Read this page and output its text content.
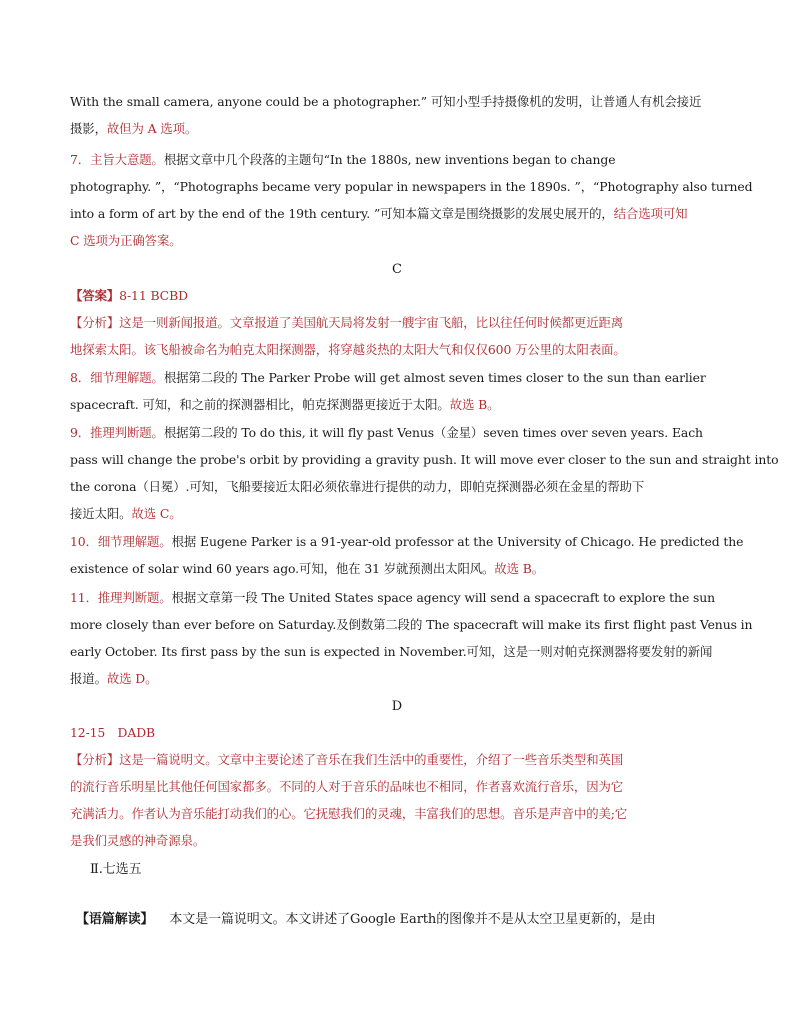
With the small camera, anyone could be a photographer.” 可知小型手持摄像机的发明，让普通人有机会接近
摄影，故但为 A 选项。
7．主旨大意题。根据文章中几个段落的主题句“In the 1880s, new inventions began to change
photography. ”，“Photographs became very popular in newspapers in the 1890s. ”，“Photography also turned
into a form of art by the end of the 19th century. ”可知本篇文章是围绕摄影的发展史展开的，结合选项可知
C 选项为正确答案。
C
【答案】8-11 BCBD
【分析】这是一则新闻报道。文章报道了美国航天局将发射一艘宇宙飞船，比以往任何时候都更近距离
地探索太阳。该飞船被命名为帕克太阳探测器，将穿越炎热的太阳大气和仅仅600 万公里的太阳表面。
8．细节理解题。根据第二段的 The Parker Probe will get almost seven times closer to the sun than earlier
spacecraft. 可知，和之前的探测器相比，帕克探测器更接近于太阳。故选 B。
9．推理判断题。根据第二段的 To do this, it will fly past Venus（金星）seven times over seven years. Each
pass will change the probe's orbit by providing a gravity push. It will move ever closer to the sun and straight into
the corona（日冕）.可知，飞船要接近太阳必须依靠进行提供的动力，即帕克探测器必须在金星的帮助下
接近太阳。故选 C。
10．细节理解题。根据 Eugene Parker is a 91-year-old professor at the University of Chicago. He predicted the
existence of solar wind 60 years ago.可知，他在 31 岁就预测出太阳风。故选 B。
11．推理判断题。根据文章第一段 The United States space agency will send a spacecraft to explore the sun
more closely than ever before on Saturday.及倒数第二段的 The spacecraft will make its first flight past Venus in
early October. Its first pass by the sun is expected in November.可知，这是一则对帕克探测器将要发射的新闻
报道。故选 D。
D
12-15　DADB
【分析】这是一篇说明文。文章中主要论述了音乐在我们生活中的重要性，介绍了一些音乐类型和英国
的流行音乐明星比其他任何国家都多。不同的人对于音乐的品味也不相同，作者喜欢流行音乐，因为它
充满活力。作者认为音乐能打动我们的心。它抚慰我们的灵魂，丰富我们的思想。音乐是声音中的美;它
是我们灵感的神奇源泉。
Ⅱ.七选五
【语篇解读】 本文是一篇说明文。本文讲述了Google Earth的图像并不是从太空卫星更新的，是由
